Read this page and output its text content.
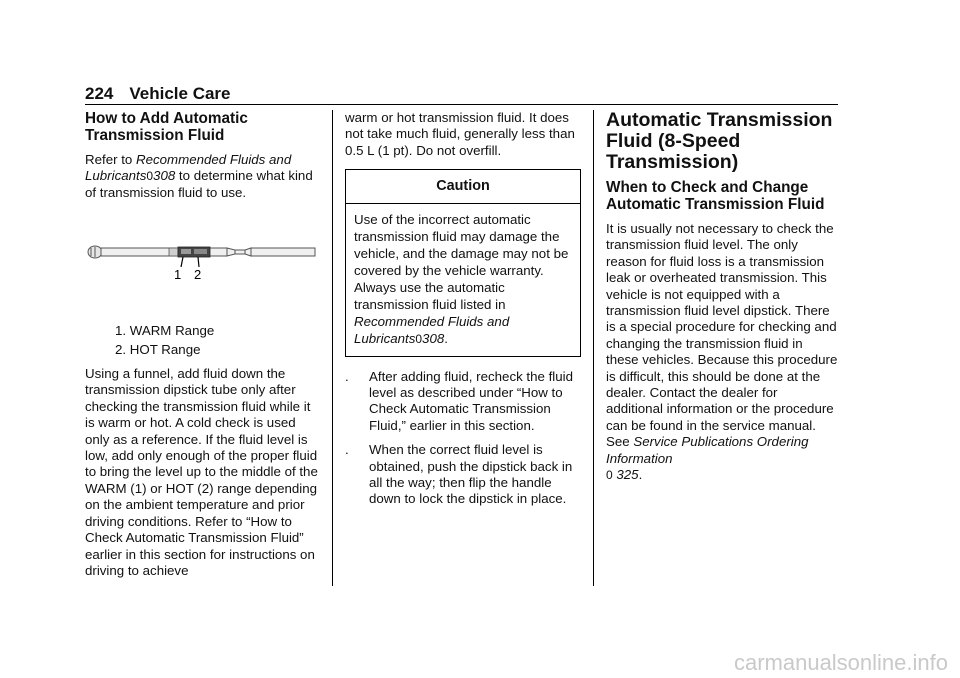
224 Vehicle Care
How to Add Automatic Transmission Fluid

Refer to Recommended Fluids and Lubricants0308 to determine what kind of transmission fluid to use.

1 2
1. WARM Range
2. HOT Range

Using a funnel, add fluid down the transmission dipstick tube only after checking the transmission fluid while it is warm or hot. A cold check is used only as a reference. If the fluid level is low, add only enough of the proper fluid to bring the level up to the middle of the WARM (1) or HOT (2) range depending on the ambient temperature and prior driving conditions. Refer to “How to Check Automatic Transmission Fluid” earlier in this section for instructions on driving to achieve

warm or hot transmission fluid. It does not take much fluid, generally less than 0.5 L (1 pt). Do not overfill.

Caution
Use of the incorrect automatic transmission fluid may damage the vehicle, and the damage may not be covered by the vehicle warranty. Always use the automatic transmission fluid listed in Recommended Fluids and Lubricants0308.
. After adding fluid, recheck the fluid level as described under “How to Check Automatic Transmission Fluid,” earlier in this section.
. When the correct fluid level is obtained, push the dipstick back in all the way; then flip the handle down to lock the dipstick in place.
Automatic Transmission Fluid (8-Speed Transmission)
When to Check and Change Automatic Transmission Fluid

It is usually not necessary to check the transmission fluid level. The only reason for fluid loss is a transmission leak or overheated transmission. This vehicle is not equipped with a transmission fluid level dipstick. There is a special procedure for checking and changing the transmission fluid in these vehicles. Because this procedure is difficult, this should be done at the dealer. Contact the dealer for additional information or the procedure can be found in the service manual. See Service Publications Ordering Information
0 325.

carmanualsonline.info
